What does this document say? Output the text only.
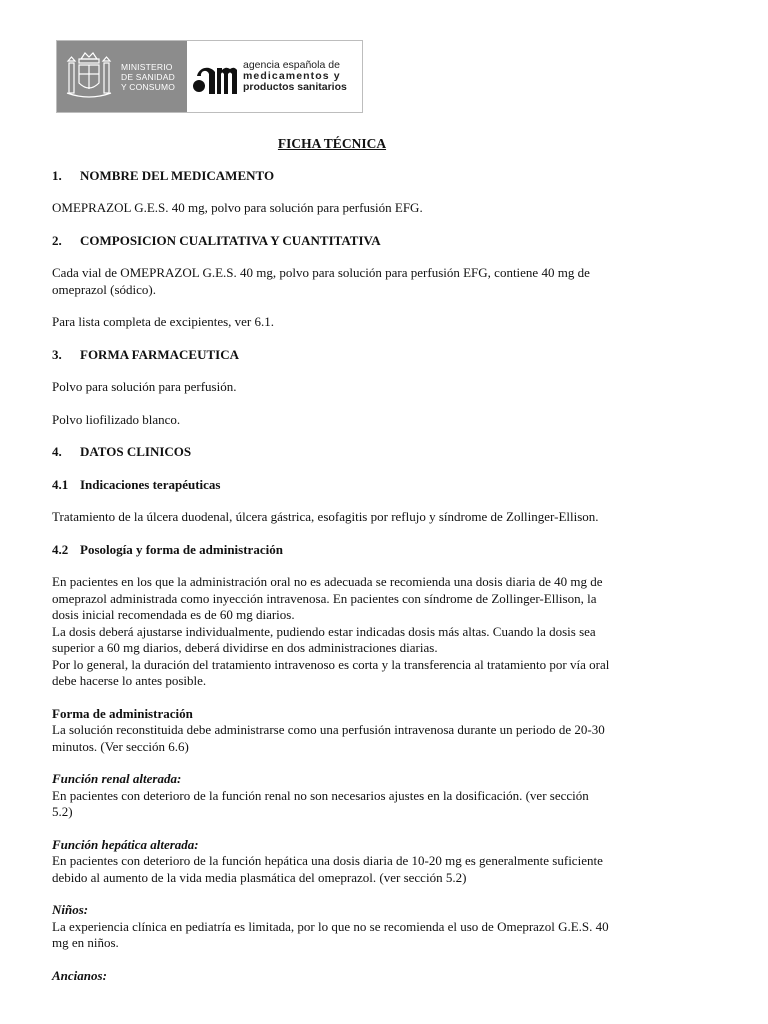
MINISTERIO
DE SANIDAD
Y CONSUMO
agencia española de
medicamentos y
productos sanitarios
FICHA TÉCNICA
1.	NOMBRE DEL MEDICAMENTO

OMEPRAZOL G.E.S. 40 mg, polvo para solución para perfusión EFG.

2.	COMPOSICION CUALITATIVA Y CUANTITATIVA

Cada vial de OMEPRAZOL G.E.S. 40 mg, polvo para solución para perfusión EFG, contiene 40 mg de omeprazol (sódico).

Para lista completa de excipientes, ver 6.1.

3.	FORMA FARMACEUTICA

Polvo para solución para perfusión.

Polvo liofilizado blanco.

4.	DATOS CLINICOS
4.1 Indicaciones terapéuticas

Tratamiento de la úlcera duodenal, úlcera gástrica, esofagitis por reflujo y síndrome de Zollinger-Ellison.

4.2 Posología y forma de administración
En pacientes en los que la administración oral no es adecuada se recomienda una dosis diaria de 40 mg de omeprazol administrada como inyección intravenosa. En pacientes con síndrome de Zollinger-Ellison, la dosis inicial recomendada es de 60 mg diarios.
La dosis deberá ajustarse individualmente, pudiendo estar indicadas dosis más altas. Cuando la dosis sea superior a 60 mg diarios, deberá dividirse en dos administraciones diarias.
Por lo general, la duración del tratamiento intravenoso es corta y la transferencia al tratamiento por vía oral debe hacerse lo antes posible.
Forma de administración
La solución reconstituida debe administrarse como una perfusión intravenosa durante un periodo de 20-30 minutos. (Ver sección 6.6)
Función renal alterada:
En pacientes con deterioro de la función renal no son necesarios ajustes en la dosificación. (ver sección 5.2)
Función hepática alterada:
En pacientes con deterioro de la función hepática una dosis diaria de 10-20 mg es generalmente suficiente debido al aumento de la vida media plasmática del omeprazol. (ver sección 5.2)
Niños:
La experiencia clínica en pediatría es limitada, por lo que no se recomienda el uso de Omeprazol G.E.S. 40 mg en niños.
Ancianos:
